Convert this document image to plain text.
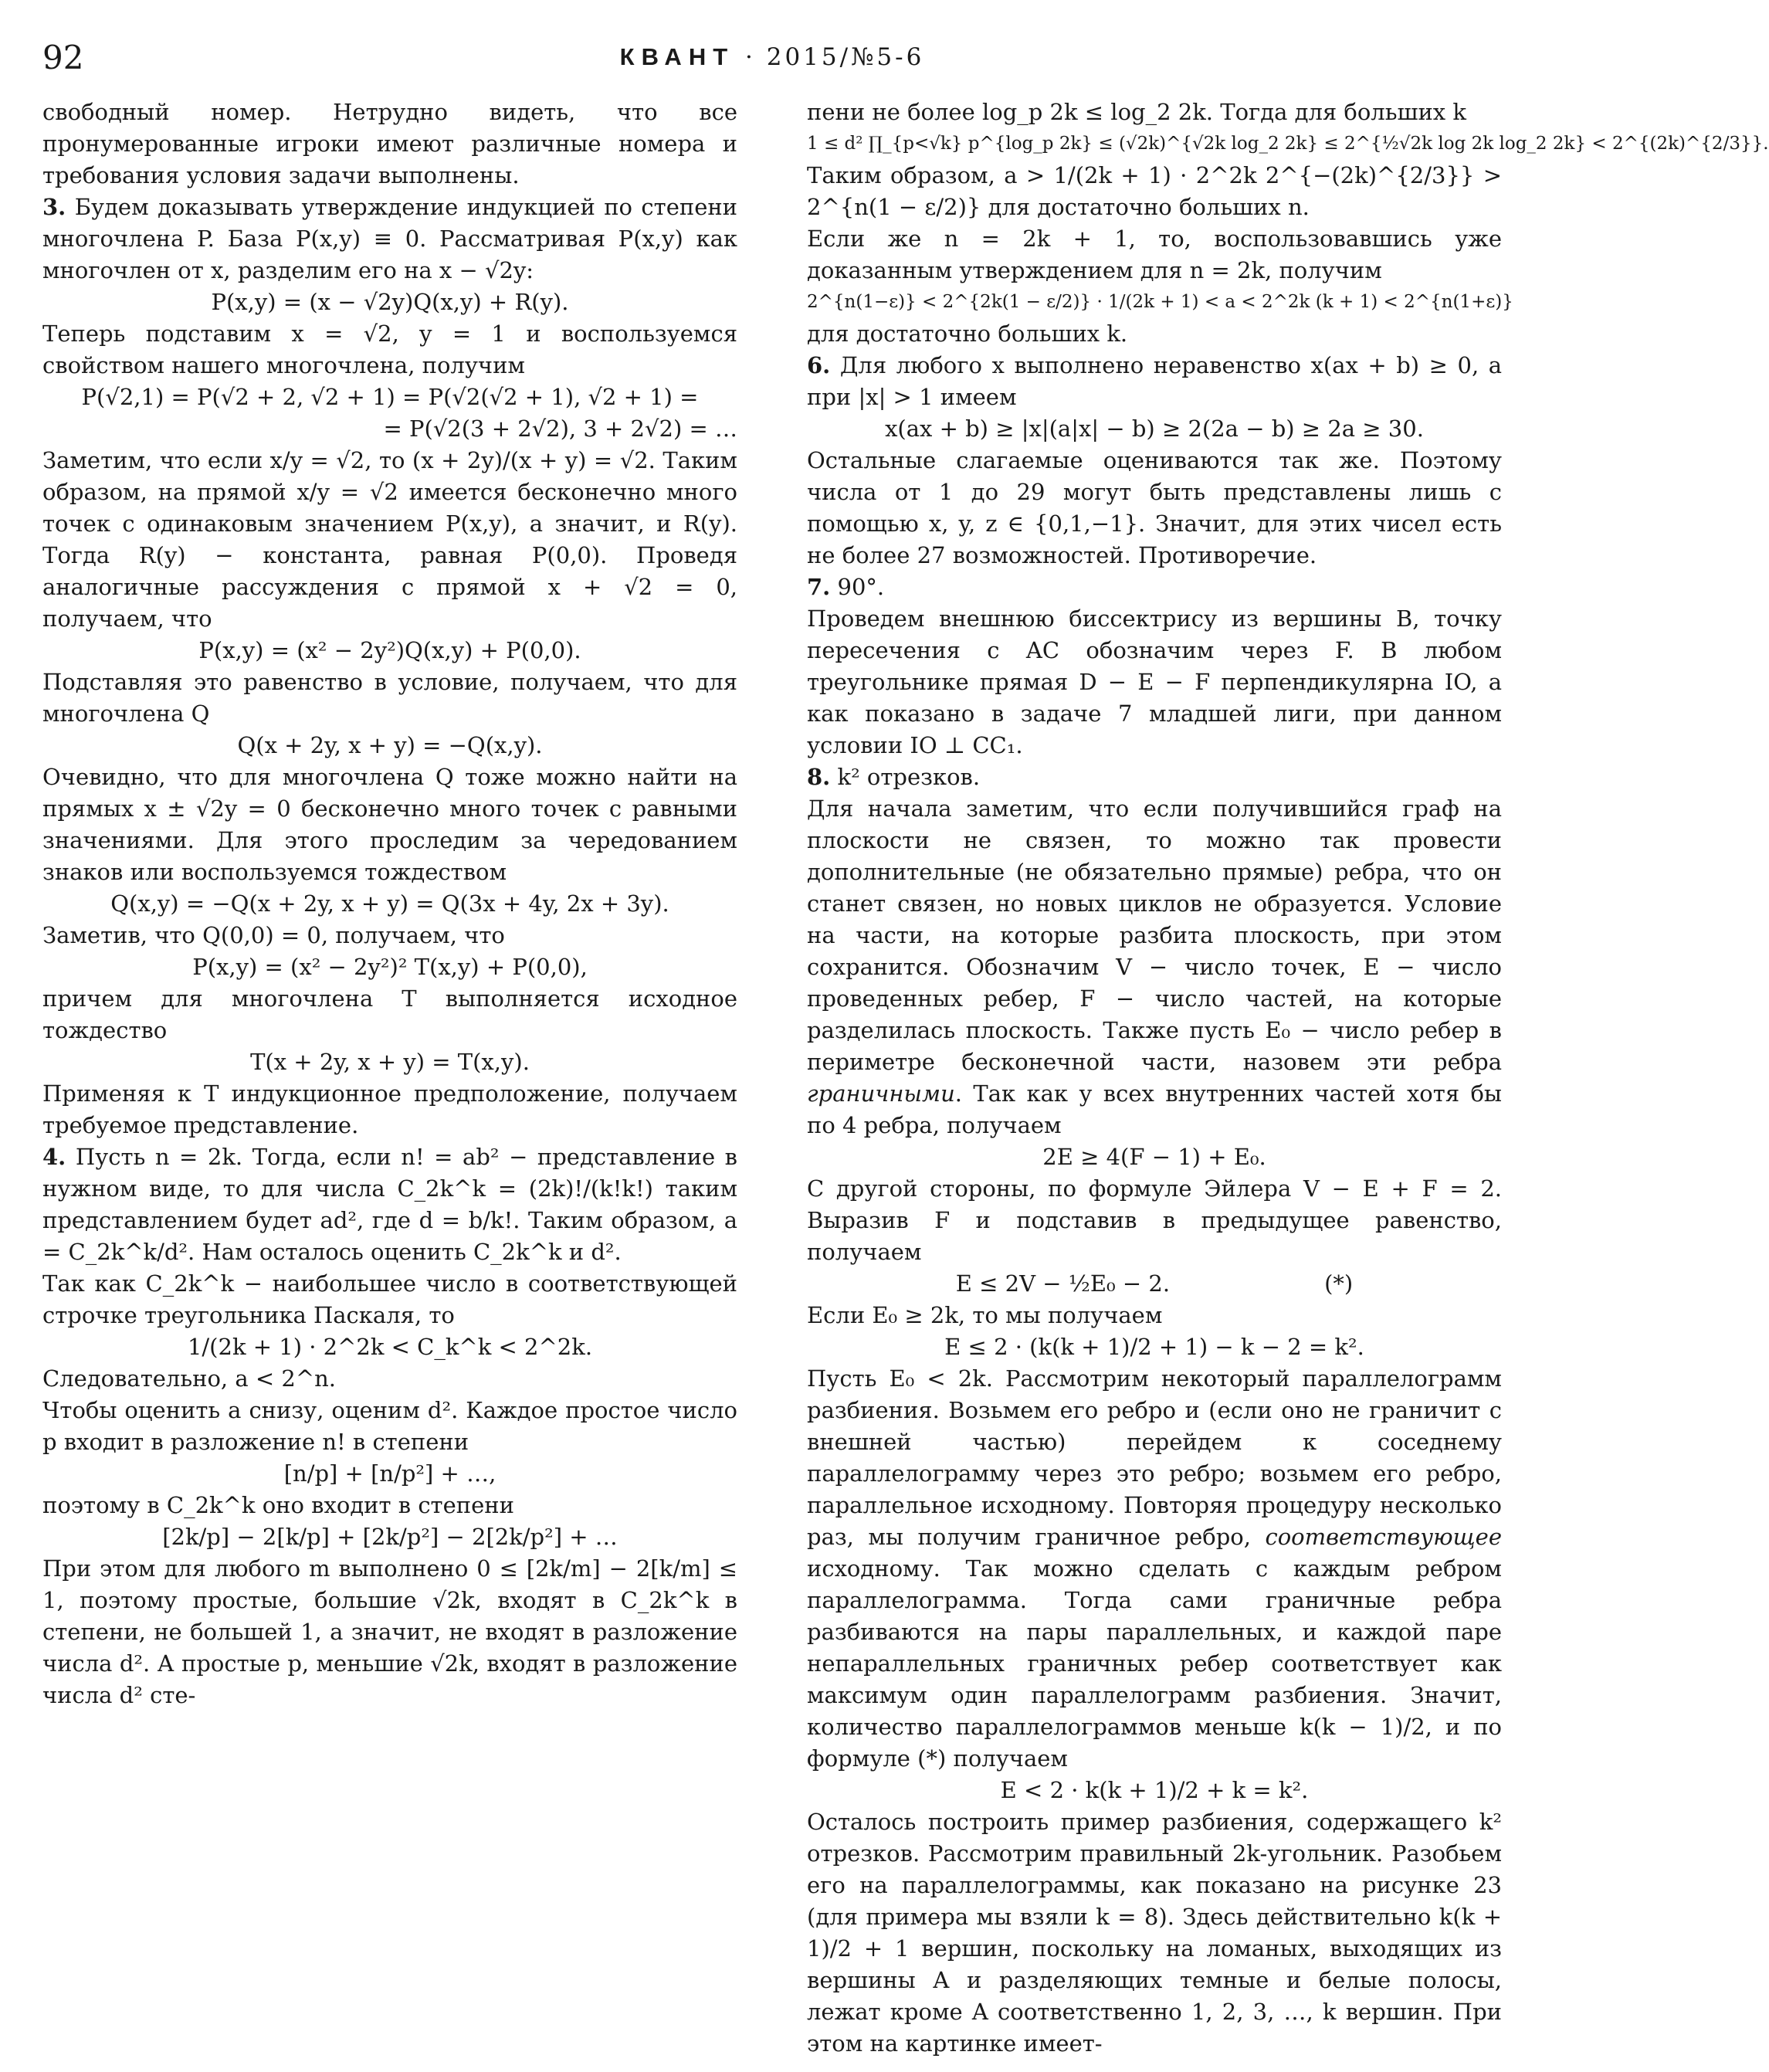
92	КВАНТ · 2015/№5-6

свободный номер. Нетрудно видеть, что все пронумерованные игроки имеют различные номера и требования условия задачи выполнены.

3. Будем доказывать утверждение индукцией по степени многочлена P. База P(x,y) ≡ 0. Рассматривая P(x,y) как многочлен от x, разделим его на x − √2y:

P(x,y) = (x − √2y)Q(x,y) + R(y).

Теперь подставим x = √2, y = 1 и воспользуемся свойством нашего многочлена, получим

P(√2,1) = P(√2 + 2, √2 + 1) = P(√2(√2 + 1), √2 + 1) =

= P(√2(3 + 2√2), 3 + 2√2) = …

Заметим, что если x/y = √2, то (x + 2y)/(x + y) = √2. Таким образом, на прямой x/y = √2 имеется бесконечно много точек с одинаковым значением P(x,y), а значит, и R(y). Тогда R(y) − константа, равная P(0,0). Проведя аналогичные рассуждения с прямой x + √2 = 0, получаем, что

P(x,y) = (x² − 2y²)Q(x,y) + P(0,0).

Подставляя это равенство в условие, получаем, что для многочлена Q

Q(x + 2y, x + y) = −Q(x,y).

Очевидно, что для многочлена Q тоже можно найти на прямых x ± √2y = 0 бесконечно много точек с равными значениями. Для этого проследим за чередованием знаков или воспользуемся тождеством

Q(x,y) = −Q(x + 2y, x + y) = Q(3x + 4y, 2x + 3y).

Заметив, что Q(0,0) = 0, получаем, что

P(x,y) = (x² − 2y²)² T(x,y) + P(0,0),

причем для многочлена T выполняется исходное тождество

T(x + 2y, x + y) = T(x,y).

Применяя к T индукционное предположение, получаем требуемое представление.

4. Пусть n = 2k. Тогда, если n! = ab² − представление в нужном виде, то для числа C_2k^k = (2k)!/(k!k!) таким представлением будет ad², где d = b/k!. Таким образом, a = C_2k^k/d². Нам осталось оценить C_2k^k и d².

Так как C_2k^k − наибольшее число в соответствующей строчке треугольника Паскаля, то

1/(2k + 1) · 2^2k < C_k^k < 2^2k.

Следовательно, a < 2^n.

Чтобы оценить a снизу, оценим d². Каждое простое число p входит в разложение n! в степени

[n/p] + [n/p²] + …,

поэтому в C_2k^k оно входит в степени

[2k/p] − 2[k/p] + [2k/p²] − 2[2k/p²] + …

При этом для любого m выполнено 0 ≤ [2k/m] − 2[k/m] ≤ 1, поэтому простые, большие √2k, входят в C_2k^k в степени, не большей 1, а значит, не входят в разложение числа d². А простые p, меньшие √2k, входят в разложение числа d² сте-

пени не более log_p 2k ≤ log_2 2k. Тогда для больших k

1 ≤ d² ∏_{p<√k} p^{log_p 2k} ≤ (√2k)^{√2k log_2 2k} ≤ 2^{½√2k log 2k log_2 2k} < 2^{(2k)^{2/3}}.

Таким образом, a > 1/(2k + 1) · 2^2k 2^{−(2k)^{2/3}} > 2^{n(1 − ε/2)} для достаточно больших n.

Если же n = 2k + 1, то, воспользовавшись уже доказанным утверждением для n = 2k, получим

2^{n(1−ε)} < 2^{2k(1 − ε/2)} · 1/(2k + 1) < a < 2^2k (k + 1) < 2^{n(1+ε)}

для достаточно больших k.

6. Для любого x выполнено неравенство x(ax + b) ≥ 0, а при |x| > 1 имеем

x(ax + b) ≥ |x|(a|x| − b) ≥ 2(2a − b) ≥ 2a ≥ 30.

Остальные слагаемые оцениваются так же. Поэтому числа от 1 до 29 могут быть представлены лишь с помощью x, y, z ∈ {0,1,−1}. Значит, для этих чисел есть не более 27 возможностей. Противоречие.

7. 90°.

Проведем внешнюю биссектрису из вершины B, точку пересечения с AC обозначим через F. В любом треугольнике прямая D − E − F перпендикулярна IO, а как показано в задаче 7 младшей лиги, при данном условии IO ⊥ CC₁.

8. k² отрезков.

Для начала заметим, что если получившийся граф на плоскости не связен, то можно так провести дополнительные (не обязательно прямые) ребра, что он станет связен, но новых циклов не образуется. Условие на части, на которые разбита плоскость, при этом сохранится. Обозначим V − число точек, E − число проведенных ребер, F − число частей, на которые разделилась плоскость. Также пусть E₀ − число ребер в периметре бесконечной части, назовем эти ребра граничными. Так как у всех внутренних частей хотя бы по 4 ребра, получаем

2E ≥ 4(F − 1) + E₀.

С другой стороны, по формуле Эйлера V − E + F = 2. Выразив F и подставив в предыдущее равенство, получаем

E ≤ 2V − ½E₀ − 2.	(*)

Если E₀ ≥ 2k, то мы получаем

E ≤ 2 · (k(k + 1)/2 + 1) − k − 2 = k².

Пусть E₀ < 2k. Рассмотрим некоторый параллелограмм разбиения. Возьмем его ребро и (если оно не граничит с внешней частью) перейдем к соседнему параллелограмму через это ребро; возьмем его ребро, параллельное исходному. Повторяя процедуру несколько раз, мы получим граничное ребро, соответствующее исходному. Так можно сделать с каждым ребром параллелограмма. Тогда сами граничные ребра разбиваются на пары параллельных, и каждой паре непараллельных граничных ребер соответствует как максимум один параллелограмм разбиения. Значит, количество параллелограммов меньше k(k − 1)/2, и по формуле (*) получаем

E < 2 · k(k + 1)/2 + k = k².

Осталось построить пример разбиения, содержащего k² отрезков. Рассмотрим правильный 2k-угольник. Разобьем его на параллелограммы, как показано на рисунке 23 (для примера мы взяли k = 8). Здесь действительно k(k + 1)/2 + 1 вершин, поскольку на ломаных, выходящих из вершины A и разделяющих темные и белые полосы, лежат кроме A соответственно 1, 2, 3, …, k вершин. При этом на картинке имеет-
